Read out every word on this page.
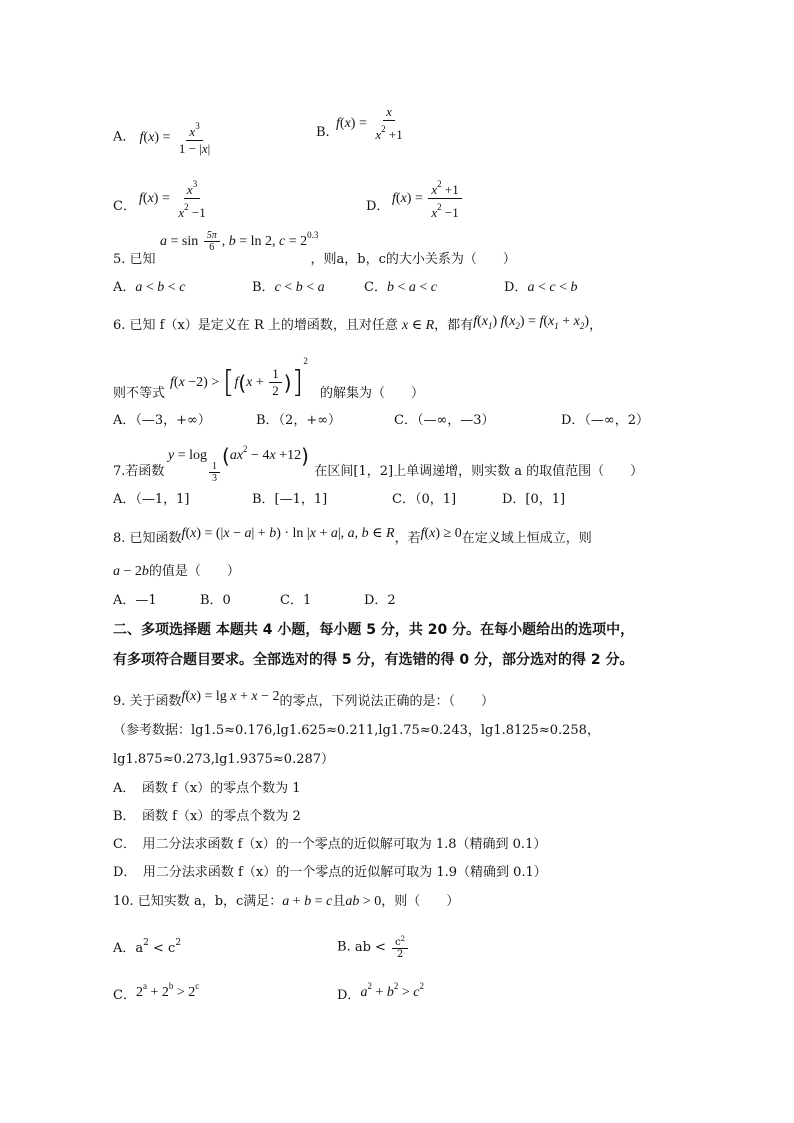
A． $f(x) = \frac{x^3}{1 - |x|}$	$f(x) = \frac{x}{x^2 +1}$
B.
$f(x) = \frac{x^3}{x^2 -1}$
C．
$f(x) = \frac{x^2 +1}{x^2 -1}$
D．
$a = \sin \frac{5\pi}{6}$ , b = ln 2, $c = 2^{0.3}$
5. 已知	，则a，b，c的大小关系为（　　）
A．a < b < c	B．c < b < a	C．b < a < c	D．a < c < b
6. 已知 f（x）是定义在 R 上的增函数，且对任意 x ∈ R，都有$f(x_1) f(x_2) = f(x_1 + x_2)$，
$f(x -2) > [f(x + \frac{1}{2} )]^2$
则不等式	的解集为（　　）
A．（—3，+∞）	B．（2，+∞）	C．（—∞，—3）	D．（—∞，2）
y = log
$\frac{1}{3}$
$(ax^2 - 4x +12)$
7.若函数	在区间[1，2]上单调递增，则实数 a 的取值范围（　　）
A．（—1，1]	B．[—1，1]	C．（0，1]	D．[0，1]
8. 已知函数f(x) = (|x − a| + b) · ln |x + a|, a, b ∈ R，若f(x) ≥ 0在定义域上恒成立，则
a − 2b的值是（　　）
A．—1	B．0	C．1	D．2
二、多项选择题 本题共 4 小题，每小题 5 分，共 20 分。在每小题给出的选项中，
有多项符合题目要求。全部选对的得 5 分，有选错的得 0 分，部分选对的得 2 分。
9. 关于函数f(x) = lg x + x − 2的零点，下列说法正确的是：（　　）
（参考数据：lg1.5≈0.176,lg1.625≈0.211,lg1.75≈0.243，lg1.8125≈0.258，
lg1.875≈0.273,lg1.9375≈0.287）
A．　函数 f（x）的零点个数为 1
B．　函数 f（x）的零点个数为 2
C．　用二分法求函数 f（x）的一个零点的近似解可取为 1.8（精确到 0.1）
D．　用二分法求函数 f（x）的一个零点的近似解可取为 1.9（精确到 0.1）
10. 已知实数 a，b，c满足：a + b = c且ab > 0，则（　　）
A．$a^2 < c^2$	B. ab < $\frac{c^2}{2}$
C．$2^a + 2^b > 2^c$
D．$a^2 + b^2 > c^2$
